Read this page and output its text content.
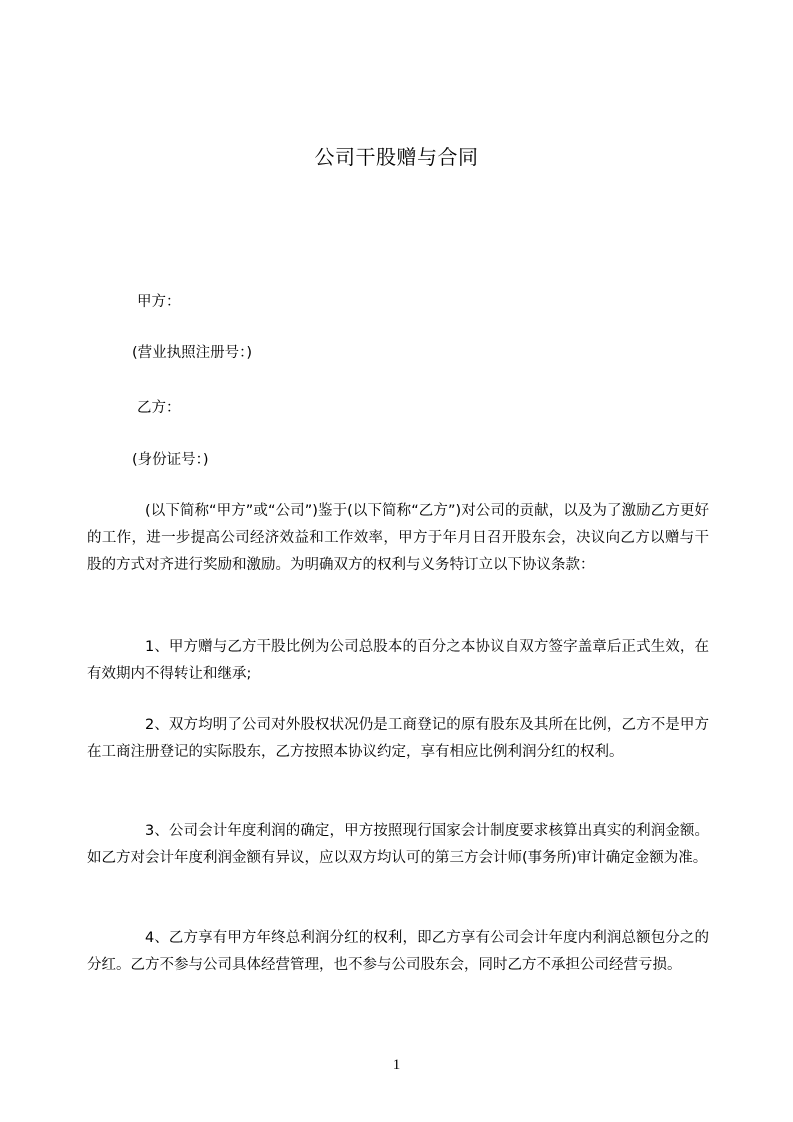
公司干股赠与合同
甲方：
(营业执照注册号：)
乙方：
(身份证号：)

(以下简称“甲方”或“公司”)鉴于(以下简称“乙方”)对公司的贡献，以及为了激励乙方更好的工作，进一步提高公司经济效益和工作效率，甲方于年月日召开股东会，决议向乙方以赠与干股的方式对齐进行奖励和激励。为明确双方的权利与义务特订立以下协议条款：

1、甲方赠与乙方干股比例为公司总股本的百分之本协议自双方签字盖章后正式生效，在有效期内不得转让和继承;

2、双方均明了公司对外股权状况仍是工商登记的原有股东及其所在比例，乙方不是甲方在工商注册登记的实际股东，乙方按照本协议约定，享有相应比例利润分红的权利。

3、公司会计年度利润的确定，甲方按照现行国家会计制度要求核算出真实的利润金额。如乙方对会计年度利润金额有异议，应以双方均认可的第三方会计师(事务所)审计确定金额为准。

4、乙方享有甲方年终总利润分红的权利，即乙方享有公司会计年度内利润总额包分之的分红。乙方不参与公司具体经营管理，也不参与公司股东会，同时乙方不承担公司经营亏损。

1
